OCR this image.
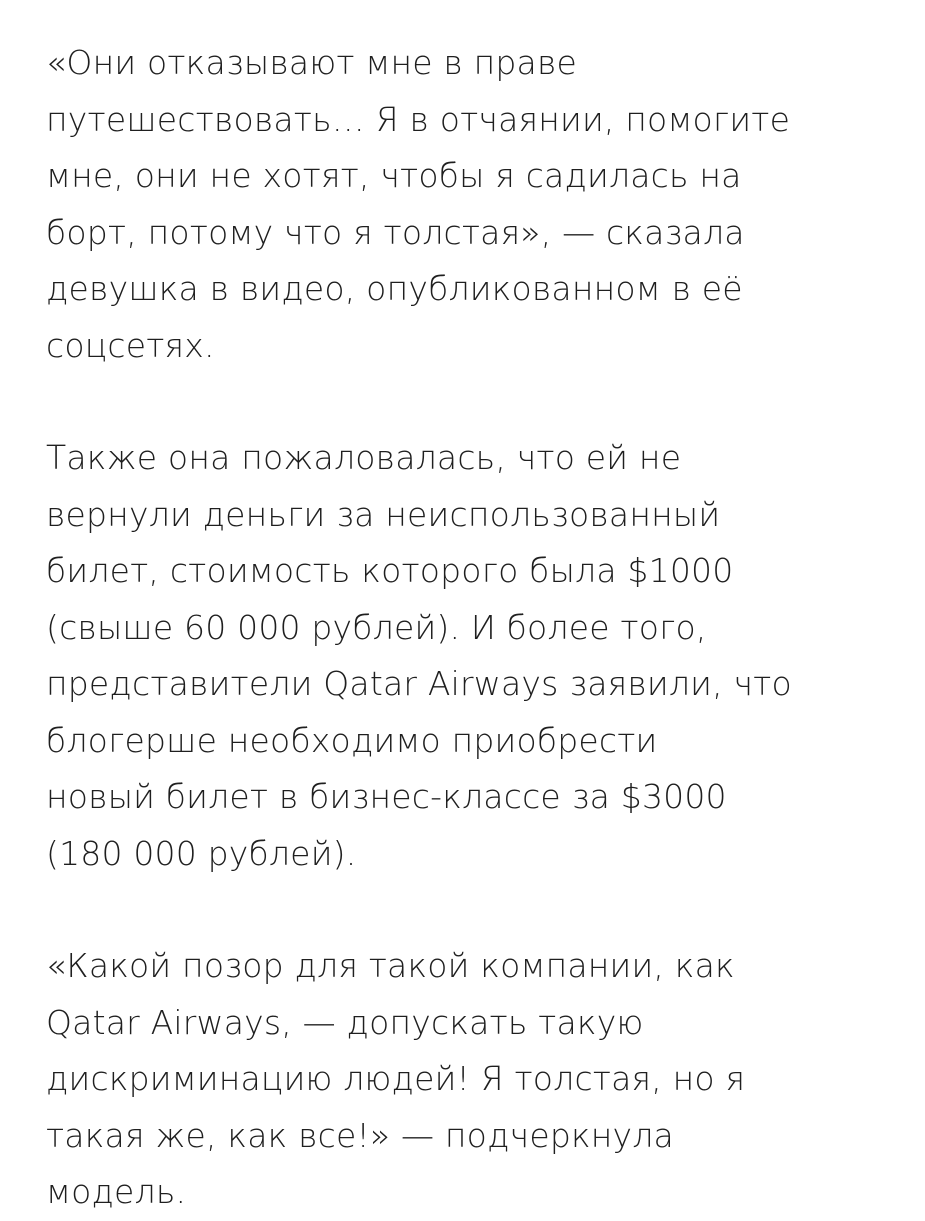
«Они отказывают мне в праве
путешествовать… Я в отчаянии, помогите
мне, они не хотят, чтобы я садилась на
борт, потому что я толстая», — сказала
девушка в видео, опубликованном в её
соцсетях.

Также она пожаловалась, что ей не
вернули деньги за неиспользованный
билет, стоимость которого была $1000
(свыше 60 000 рублей). И более того,
представители Qatar Airways заявили, что
блогерше необходимо приобрести
новый билет в бизнес-классе за $3000
(180 000 рублей).

«Какой позор для такой компании, как
Qatar Airways, — допускать такую
дискриминацию людей! Я толстая, но я
такая же, как все!» — подчеркнула
модель.
